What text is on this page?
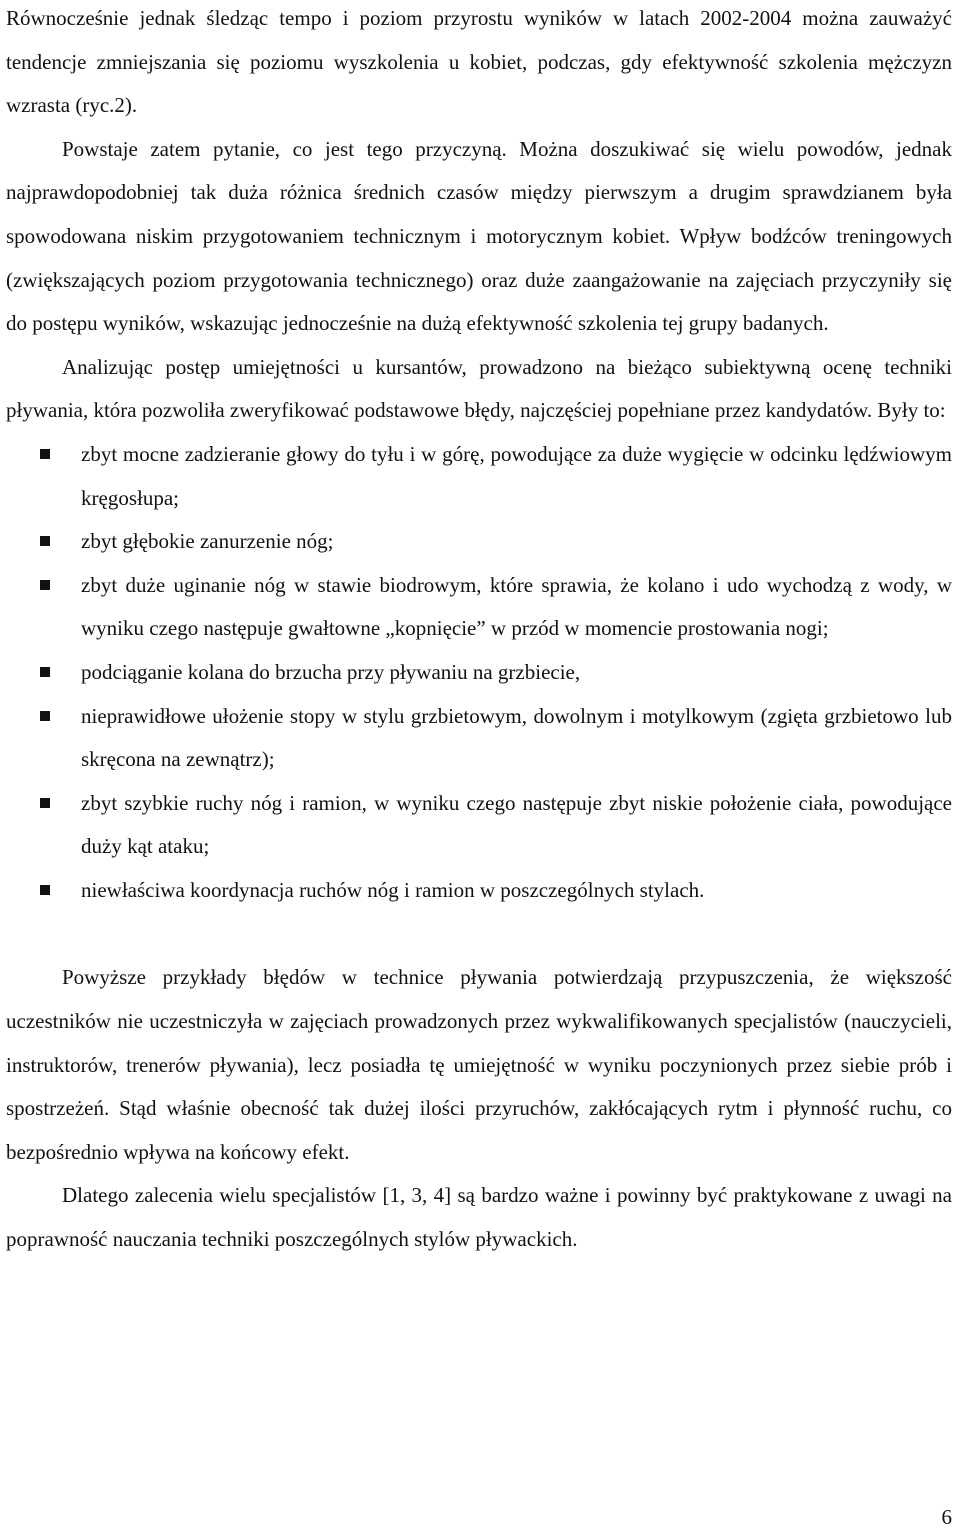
Równocześnie jednak śledząc tempo i poziom przyrostu wyników w latach 2002-2004 można zauważyć tendencje zmniejszania się poziomu wyszkolenia u kobiet, podczas, gdy efektywność szkolenia mężczyzn wzrasta (ryc.2).

Powstaje zatem pytanie, co jest tego przyczyną. Można doszukiwać się wielu powodów, jednak najprawdopodobniej tak duża różnica średnich czasów między pierwszym a drugim sprawdzianem była spowodowana niskim przygotowaniem technicznym i motorycznym kobiet. Wpływ bodźców treningowych (zwiększających poziom przygotowania technicznego) oraz duże zaangażowanie na zajęciach przyczyniły się do postępu wyników, wskazując jednocześnie na dużą efektywność szkolenia tej grupy badanych.

Analizując postęp umiejętności u kursantów, prowadzono na bieżąco subiektywną ocenę techniki pływania, która pozwoliła zweryfikować podstawowe błędy, najczęściej popełniane przez kandydatów. Były to:

zbyt mocne zadzieranie głowy do tyłu i w górę, powodujące za duże wygięcie w odcinku lędźwiowym kręgosłupa;
zbyt głębokie zanurzenie nóg;
zbyt duże uginanie nóg w stawie biodrowym, które sprawia, że kolano i udo wychodzą z wody, w wyniku czego następuje gwałtowne „kopnięcie” w przód w momencie prostowania nogi;
podciąganie kolana do brzucha przy pływaniu na grzbiecie,
nieprawidłowe ułożenie stopy w stylu grzbietowym, dowolnym i motylkowym (zgięta grzbietowo lub skręcona na zewnątrz);
zbyt szybkie ruchy nóg i ramion, w wyniku czego następuje zbyt niskie położenie ciała, powodujące duży kąt ataku;
niewłaściwa koordynacja ruchów nóg i ramion w poszczególnych stylach.

Powyższe przykłady błędów w technice pływania potwierdzają przypuszczenia, że większość uczestników nie uczestniczyła w zajęciach prowadzonych przez wykwalifikowanych specjalistów (nauczycieli, instruktorów, trenerów pływania), lecz posiadła tę umiejętność w wyniku poczynionych przez siebie prób i spostrzeżeń. Stąd właśnie obecność tak dużej ilości przyruchów, zakłócających rytm i płynność ruchu, co bezpośrednio wpływa na końcowy efekt.

Dlatego zalecenia wielu specjalistów [1, 3, 4] są bardzo ważne i powinny być praktykowane z uwagi na poprawność nauczania techniki poszczególnych stylów pływackich.

6
